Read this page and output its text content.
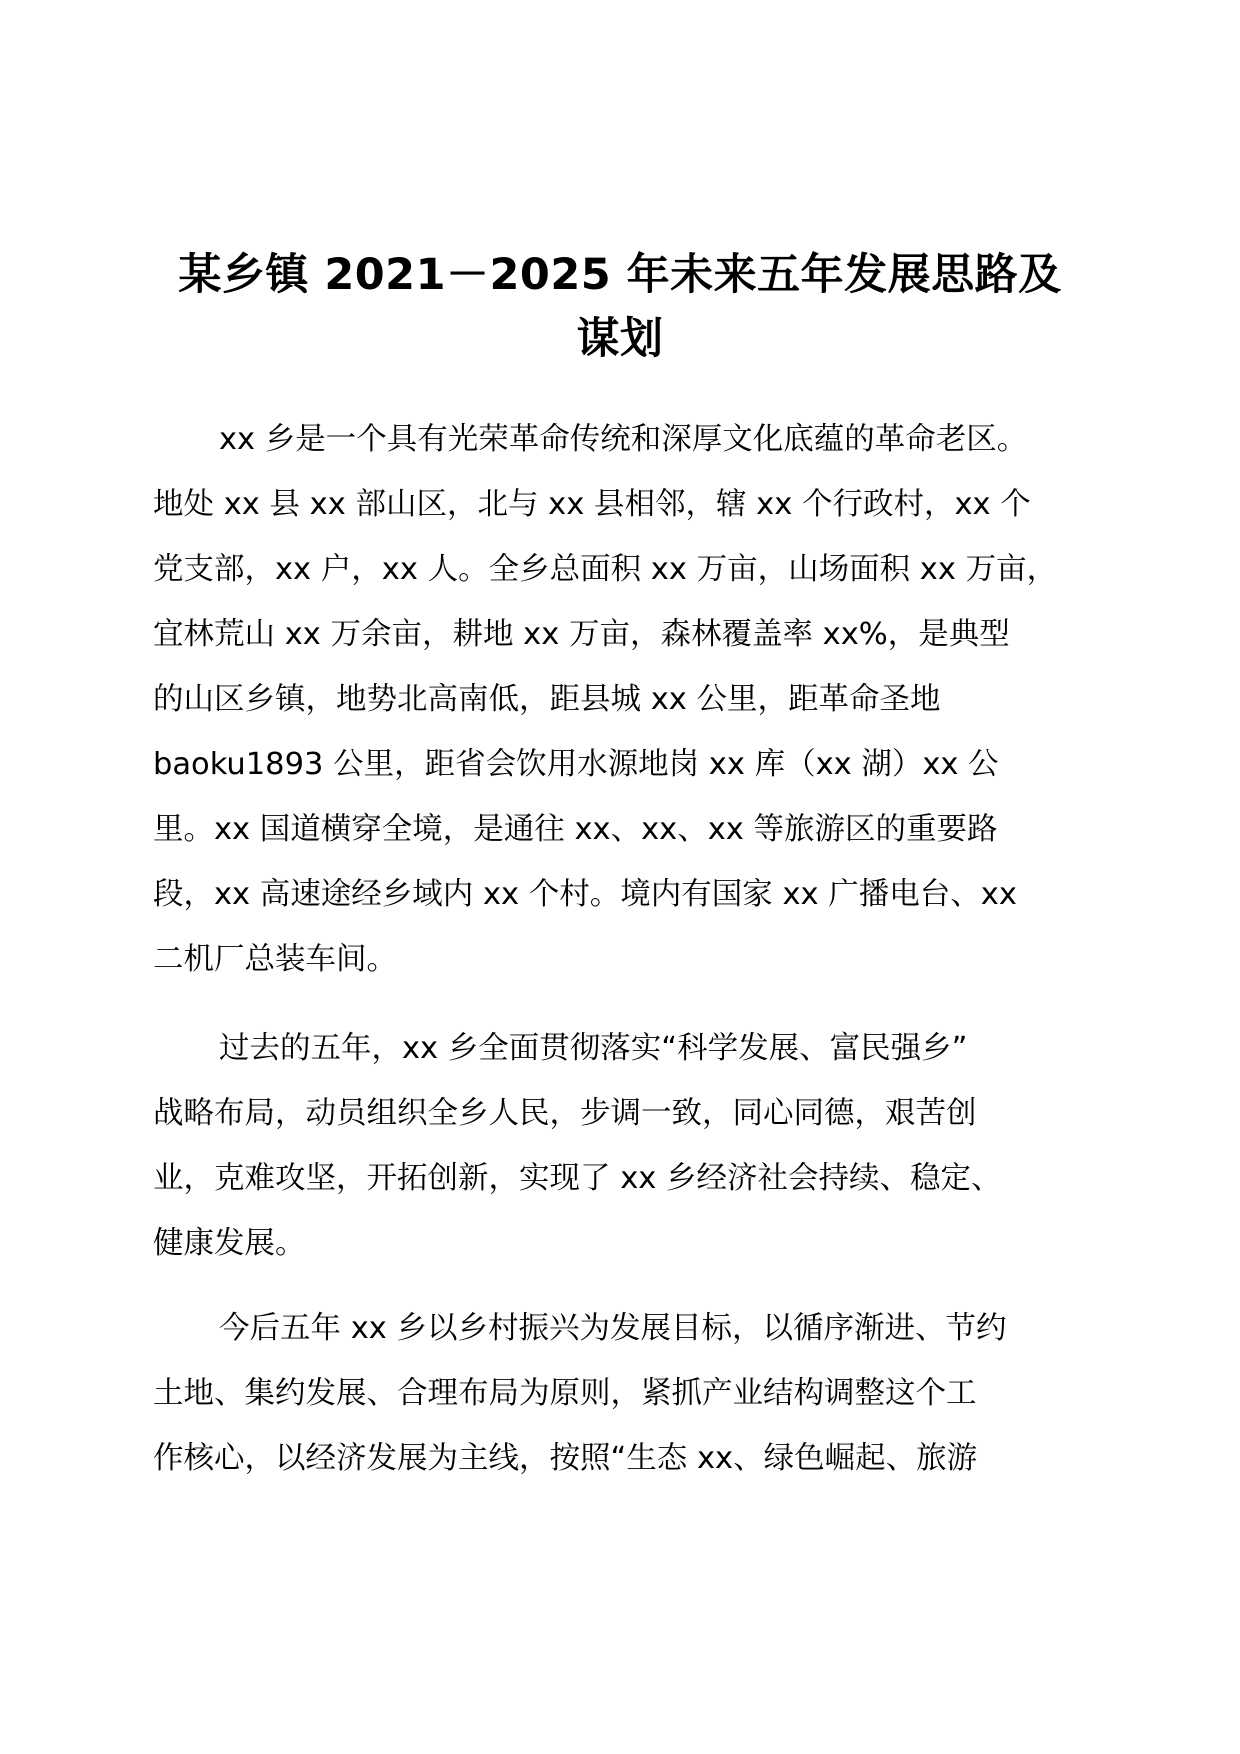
某乡镇 2021－2025 年未来五年发展思路及
谋划

xx 乡是一个具有光荣革命传统和深厚文化底蕴的革命老区。
地处 xx 县 xx 部山区，北与 xx 县相邻，辖 xx 个行政村，xx 个
党支部，xx 户，xx 人。全乡总面积 xx 万亩，山场面积 xx 万亩，
宜林荒山 xx 万余亩，耕地 xx 万亩，森林覆盖率 xx%，是典型
的山区乡镇，地势北高南低，距县城 xx 公里，距革命圣地
baoku1893 公里，距省会饮用水源地岗 xx 库（xx 湖）xx 公
里。xx 国道横穿全境，是通往 xx、xx、xx 等旅游区的重要路
段，xx 高速途经乡域内 xx 个村。境内有国家 xx 广播电台、xx
二机厂总装车间。

过去的五年，xx 乡全面贯彻落实“科学发展、富民强乡”
战略布局，动员组织全乡人民，步调一致，同心同德，艰苦创
业，克难攻坚，开拓创新，实现了 xx 乡经济社会持续、稳定、
健康发展。

今后五年 xx 乡以乡村振兴为发展目标，以循序渐进、节约
土地、集约发展、合理布局为原则，紧抓产业结构调整这个工
作核心，以经济发展为主线，按照“生态 xx、绿色崛起、旅游
